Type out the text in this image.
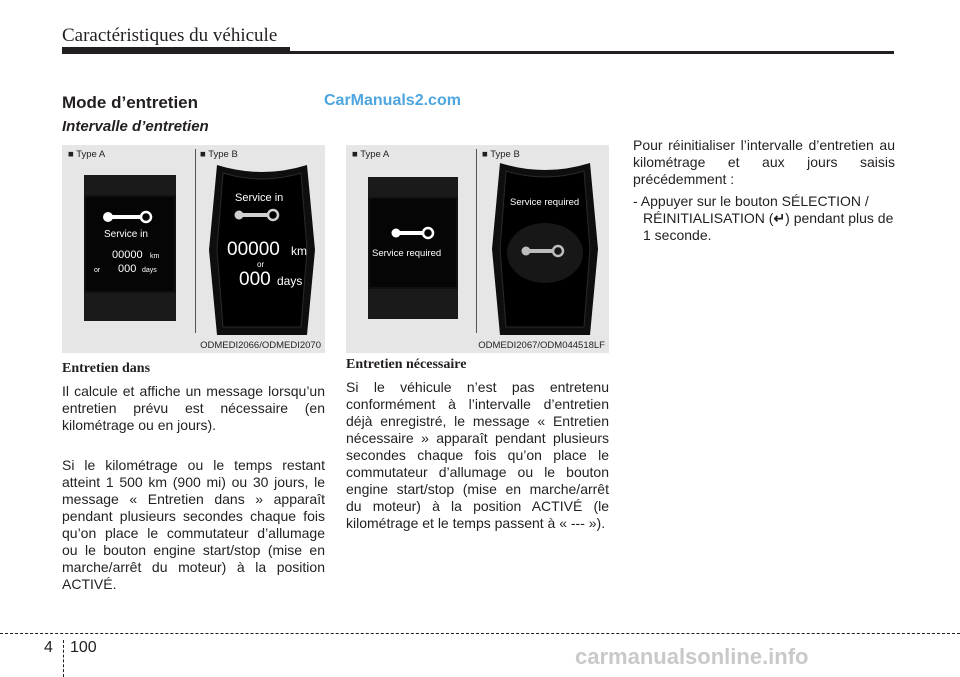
Caractéristiques du véhicule
Mode d’entretien
Intervalle d’entretien
CarManuals2.com
■ Type A	■ Type B
Service in
00000 km
or 000 days
Service in
00000 km
or
000 days
ODMEDI2066/ODMEDI2070
■ Type A	■ Type B
Service required
Service required
ODMEDI2067/ODM044518LF
Entretien dans
Il calcule et affiche un message lorsqu’un entretien prévu est nécessaire (en kilométrage ou en jours).
Si le kilométrage ou le temps restant atteint 1 500 km (900 mi) ou 30 jours, le message « Entretien dans » apparaît pendant plusieurs secondes chaque fois qu’on place le commutateur d’allumage ou le bouton engine start/stop (mise en marche/arrêt du moteur) à la position ACTIVÉ.
Entretien nécessaire
Si le véhicule n’est pas entretenu conformément à l’intervalle d’entretien déjà enregistré, le message « Entretien nécessaire » apparaît pendant plusieurs secondes chaque fois qu’on place le commutateur d’allumage ou le bouton engine start/stop (mise en marche/arrêt du moteur) à la position ACTIVÉ (le kilométrage et le temps passent à « --- »).
Pour réinitialiser l’intervalle d’entretien au kilométrage et aux jours saisis précédemment :
- Appuyer sur le bouton SÉLECTION / RÉINITIALISATION (↵) pendant plus de 1 seconde.
4 100	carmanualsonline.info
